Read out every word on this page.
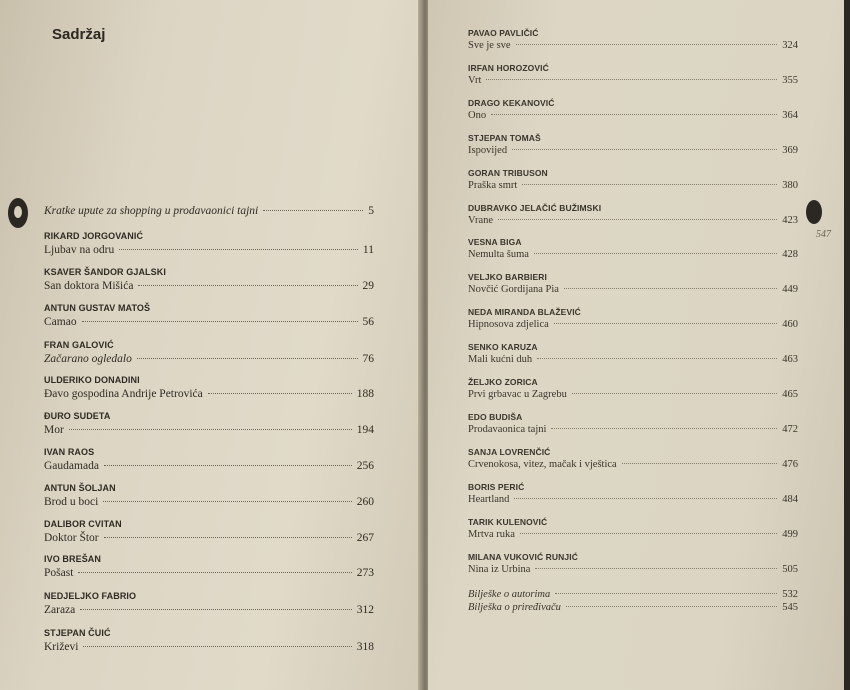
Sadržaj
Kratke upute za shopping u prodavaonici tajni	5
RIKARD JORGOVANIĆ
Ljubav na odru	11
KSAVER ŠANDOR GJALSKI
San doktora Mišića	29
ANTUN GUSTAV MATOŠ
Camao	56
FRAN GALOVIĆ
Začarano ogledalo	76
ULDERIKO DONADINI
Đavo gospodina Andrije Petrovića	188
ĐURO SUDETA
Mor	194
IVAN RAOS
Gaudamada	256
ANTUN ŠOLJAN
Brod u boci	260
DALIBOR CVITAN
Doktor Štor	267
IVO BREŠAN
Pošast	273
NEDJELJKO FABRIO
Zaraza	312
STJEPAN ČUIĆ
Križevi	318
547
PAVAO PAVLIČIĆ
Sve je sve	324
IRFAN HOROZOVIĆ
Vrt	355
DRAGO KEKANOVIĆ
Ono	364
STJEPAN TOMAŠ
Ispovijed	369
GORAN TRIBUSON
Praška smrt	380
DUBRAVKO JELAČIĆ BUŽIMSKI
Vrane	423
VESNA BIGA
Nemulta šuma	428
VELJKO BARBIERI
Novčić Gordijana Pia	449
NEDA MIRANDA BLAŽEVIĆ
Hipnosova zdjelica	460
SENKO KARUZA
Mali kućni duh	463
ŽELJKO ZORICA
Prvi grbavac u Zagrebu	465
EDO BUDIŠA
Prodavaonica tajni	472
SANJA LOVRENČIĆ
Crvenokosa, vitez, mačak i vještica	476
BORIS PERIĆ
Heartland	484
TARIK KULENOVIĆ
Mrtva ruka	499
MILANA VUKOVIĆ RUNJIĆ
Nina iz Urbina	505
Bilješke o autorima	532
Bilješka o priređivaču	545
